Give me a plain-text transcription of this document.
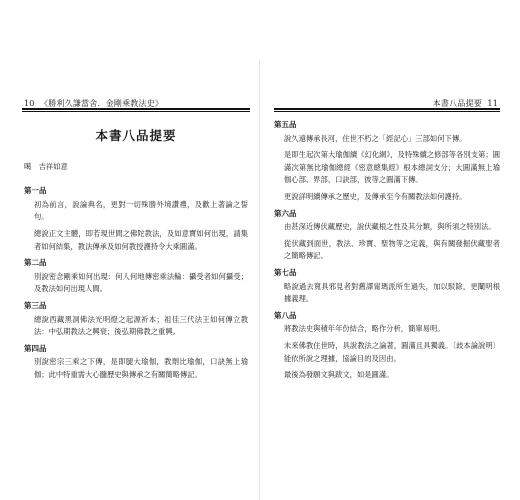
10 《勝利久謙當舍．金剛乘教法史》
本書八品提要
噶　吉祥如意
第一品
初為前言，說論典名，更對一切殊勝外境讚禮，及歡上著論之誓句。
總說正文主體，即若現世間之佛陀教法，及如意寶如何出現，請集者如何結集，教法傳承及如何教授護持令大乘圓滿。
第二品
別說密念剛乘如何出現：何人何地傳密乘法輪：攝受者如何攝受；及教法如何出現人間。
第三品
總說西藏黑洞佛法光明燈之起源祈本；祖佳三代法王如何傳立教法：中弘期教法之興衰；後弘期佛教之重興。
第四品
別說密宗三乘之下傳，是即腿大瑜伽，教劑比瑜伽，口訣無上瑜伽；此中特重需大心髓歷史與傳承之有關簡略傳記。
本書八品提要 11
第五品
說久遠傳承長河，住世不朽之「經記心」三部如何下傳。
是即生起次第大瑜伽續《幻化網》，及特殊續之修部等各別支第；圓滿次第無比瑜伽總經《密意總集經》根本總詞支分；大圓滿無上瑜伽心部、界部、口訣部，彼等之圓滿下傳。
更說詳明續傳承之歷史，及傳承至今有關教法如何護持。
第六品
由甚深近傳伏藏歷史，說伏藏根之性及其分類，與所須之特別法。
從伏藏到面世，教法、珍寶、聖物等之定義，與有關發掘伏藏聖者之簡略傳記。
第七品
略說過去寬具邪見者對舊譯甯瑪派所生過失，加以駁除，更闡明根據義理。
第八品
將教法史與積年年份結合，略作分析，簡單易明。
未來佛教住世時，具說教法之論著，圓滿且具獨義。〔歧本論說明〕能依所說之理據，協論目的及因由。
最後為發願文與跋文，如是圓滿。
